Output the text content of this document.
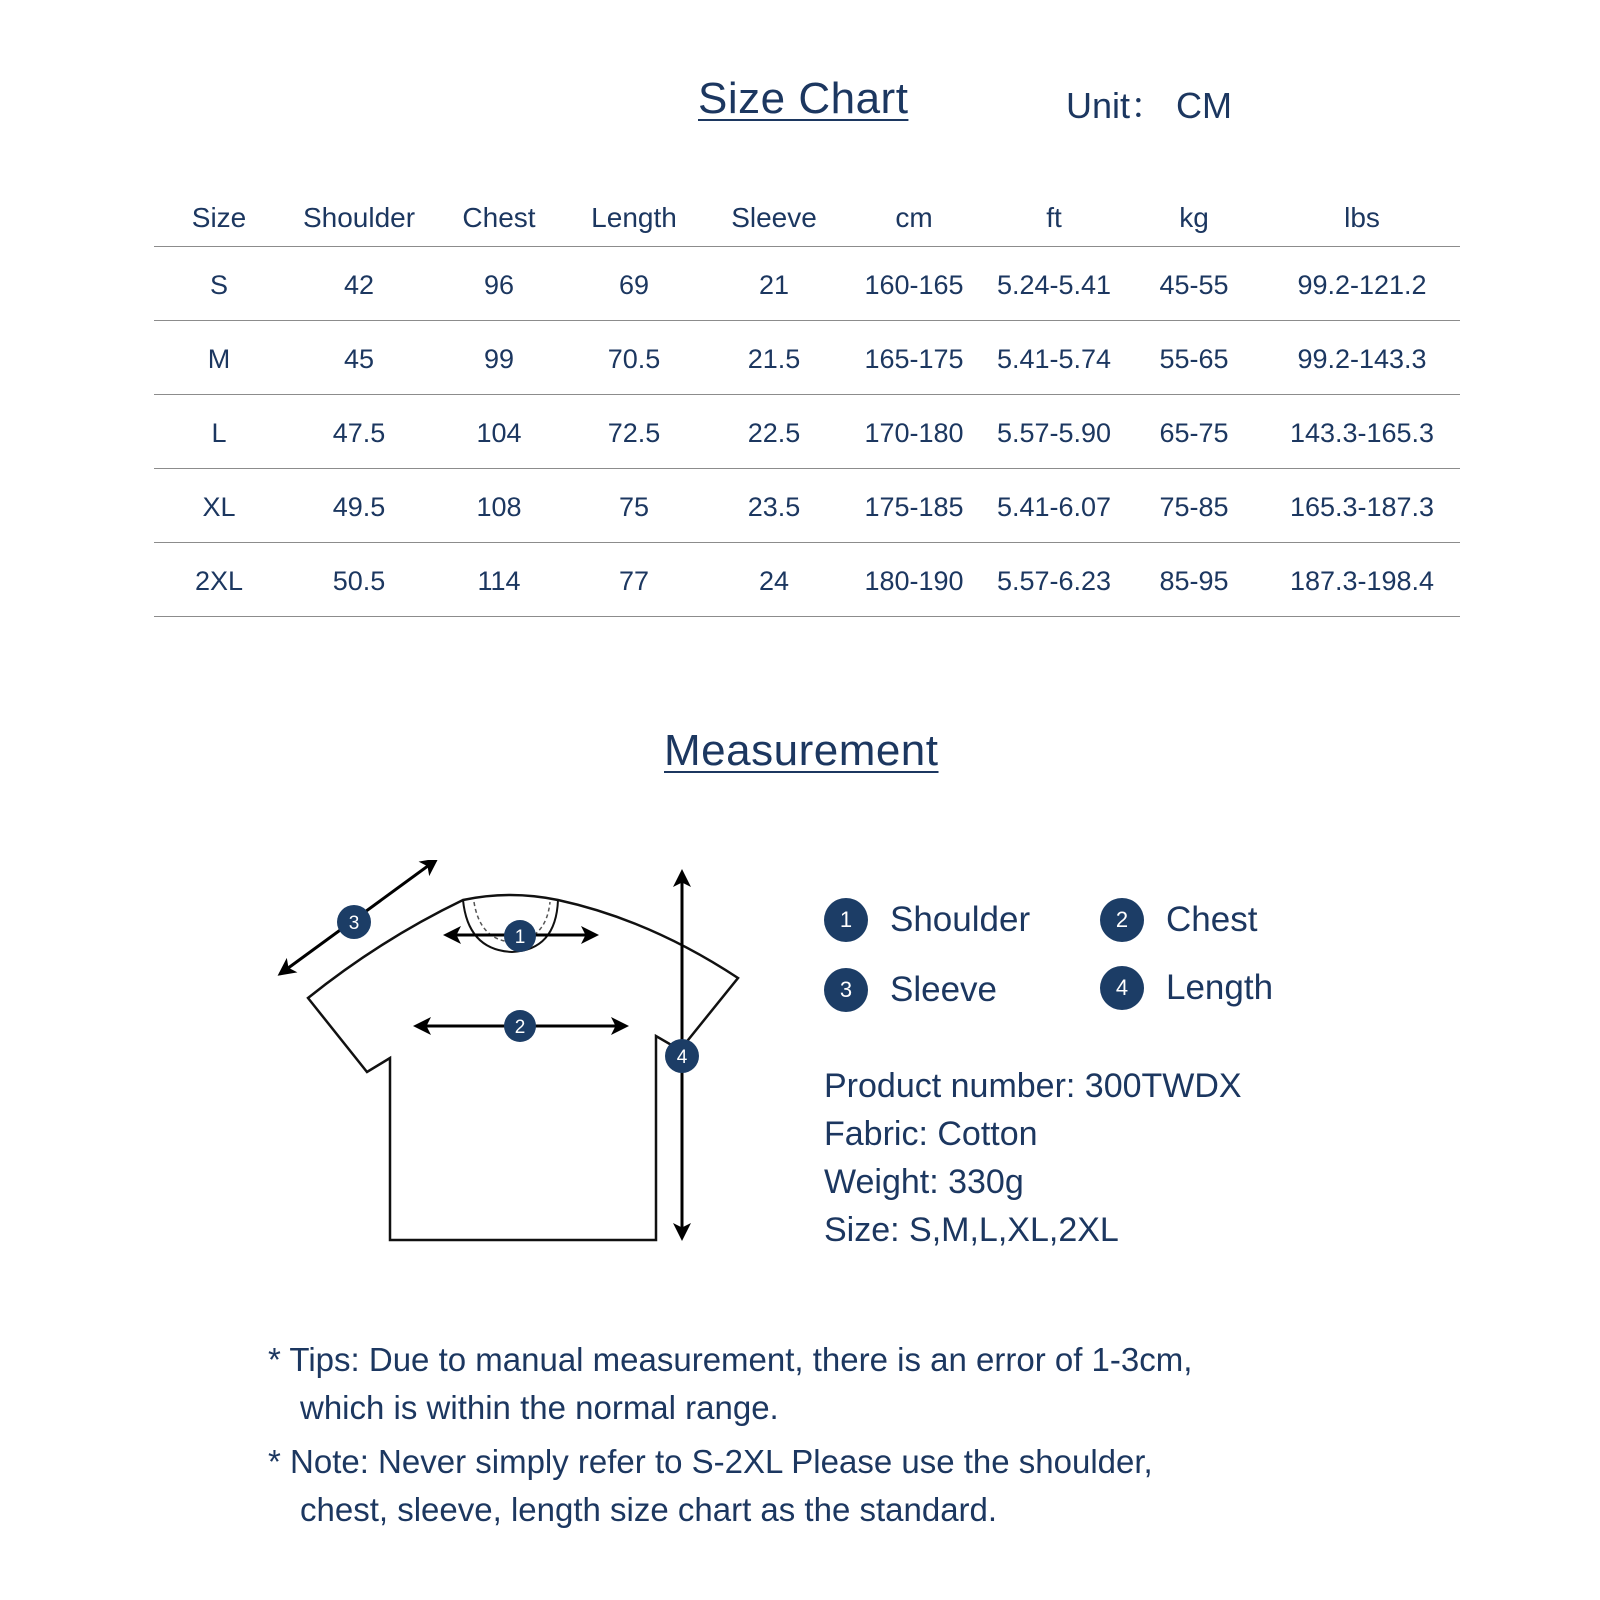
Size Chart	Unit： CM
Size	Shoulder	Chest	Length	Sleeve	cm	ft	kg	lbs
S	42	96	69	21	160-165	5.24-5.41	45-55	99.2-121.2
M	45	99	70.5	21.5	165-175	5.41-5.74	55-65	99.2-143.3
L	47.5	104	72.5	22.5	170-180	5.57-5.90	65-75	143.3-165.3
XL	49.5	108	75	23.5	175-185	5.41-6.07	75-85	165.3-187.3
2XL	50.5	114	77	24	180-190	5.57-6.23	85-95	187.3-198.4
Measurement
1
2
3
4
1	Shoulder	2	Chest
3	Sleeve	4	Length
Product number: 300TWDX
Fabric: Cotton
Weight: 330g
Size: S,M,L,XL,2XL
* Tips: Due to manual measurement, there is an error of 1-3cm,
which is within the normal range.
* Note: Never simply refer to S-2XL Please use the shoulder,
chest, sleeve, length size chart as the standard.
